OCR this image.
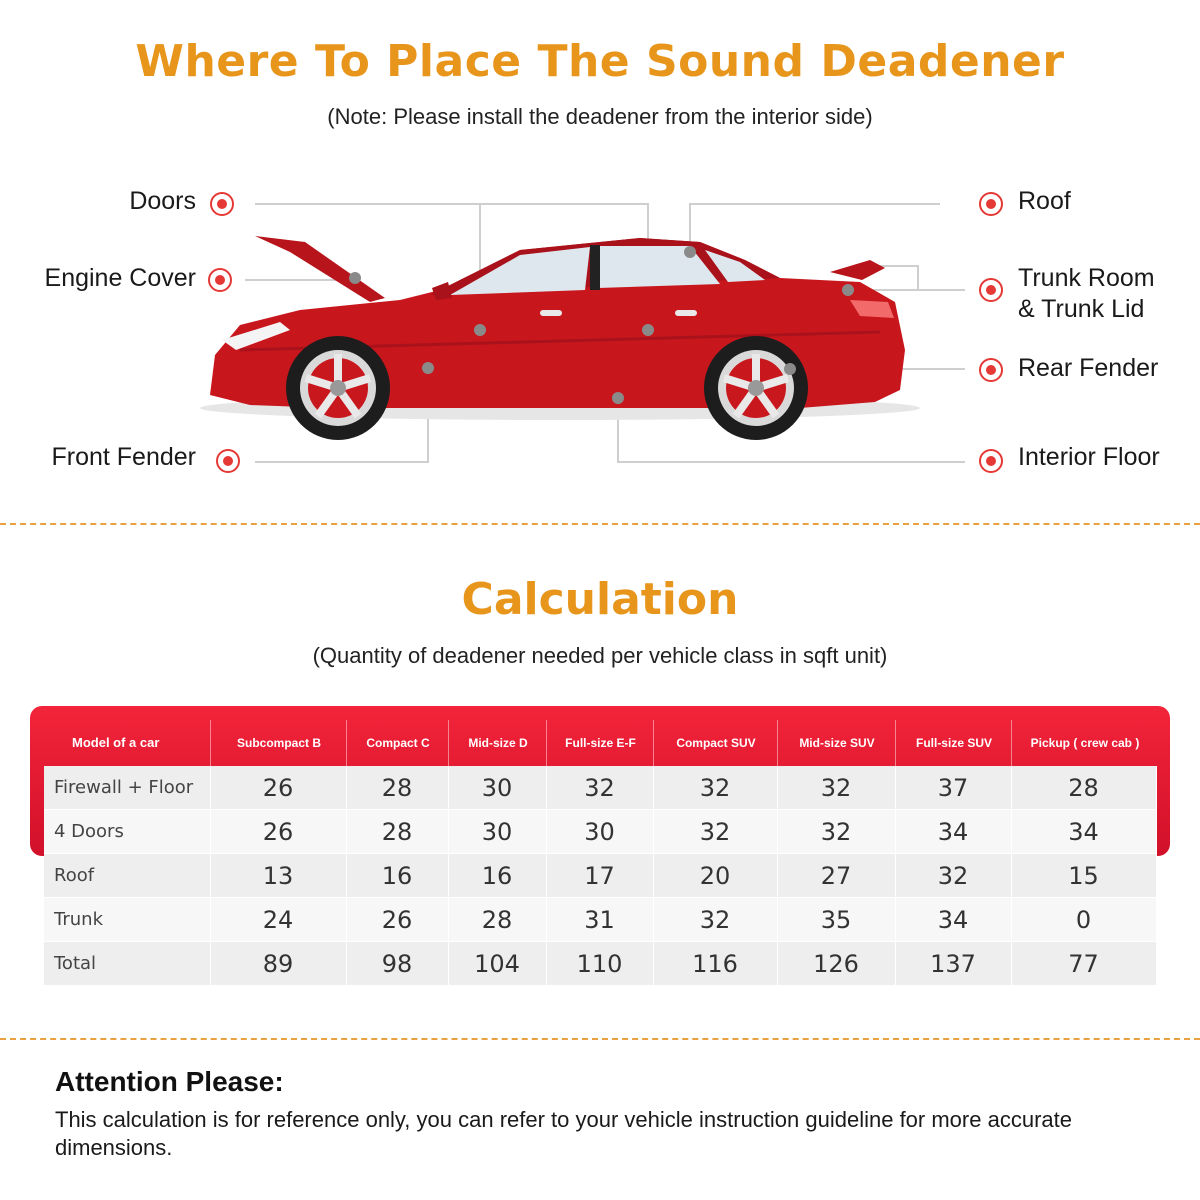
Where To Place The Sound Deadener
(Note: Please install the deadener from the interior side)
Doors
Engine Cover
Front Fender
Roof
Trunk Room
& Trunk Lid
Rear Fender
Interior Floor
Calculation
(Quantity of deadener needed per vehicle class in sqft unit)
Model of a car	Subcompact B	Compact C	Mid-size D	Full-size E-F	Compact SUV	Mid-size SUV	Full-size SUV	Pickup ( crew cab )
Firewall + Floor	26	28	30	32	32	32	37	28
4 Doors	26	28	30	30	32	32	34	34
Roof	13	16	16	17	20	27	32	15
Trunk	24	26	28	31	32	35	34	0
Total	89	98	104	110	116	126	137	77
Attention Please:
This calculation is for reference only, you can refer to your vehicle instruction guideline for more accurate dimensions.
